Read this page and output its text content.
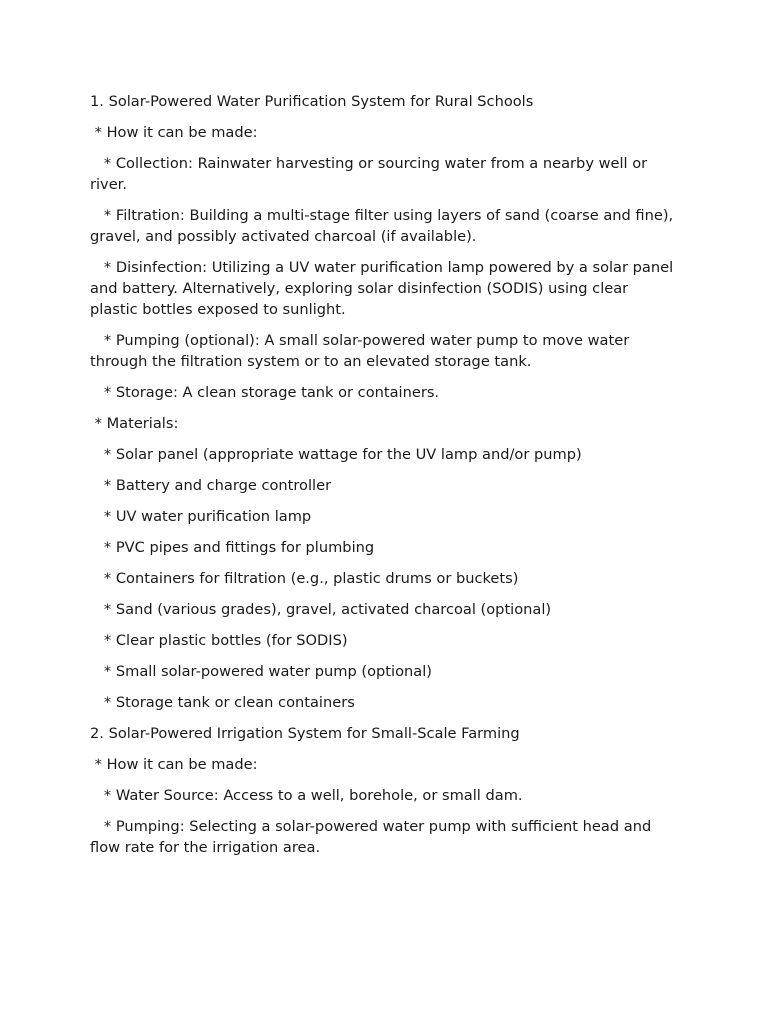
1. Solar-Powered Water Purification System for Rural Schools

* How it can be made:

* Collection: Rainwater harvesting or sourcing water from a nearby well or river.

* Filtration: Building a multi-stage filter using layers of sand (coarse and fine), gravel, and possibly activated charcoal (if available).

* Disinfection: Utilizing a UV water purification lamp powered by a solar panel and battery. Alternatively, exploring solar disinfection (SODIS) using clear plastic bottles exposed to sunlight.

* Pumping (optional): A small solar-powered water pump to move water through the filtration system or to an elevated storage tank.

* Storage: A clean storage tank or containers.

* Materials:

* Solar panel (appropriate wattage for the UV lamp and/or pump)

* Battery and charge controller

* UV water purification lamp

* PVC pipes and fittings for plumbing

* Containers for filtration (e.g., plastic drums or buckets)

* Sand (various grades), gravel, activated charcoal (optional)

* Clear plastic bottles (for SODIS)

* Small solar-powered water pump (optional)

* Storage tank or clean containers

2. Solar-Powered Irrigation System for Small-Scale Farming

* How it can be made:

* Water Source: Access to a well, borehole, or small dam.

* Pumping: Selecting a solar-powered water pump with sufficient head and flow rate for the irrigation area.
